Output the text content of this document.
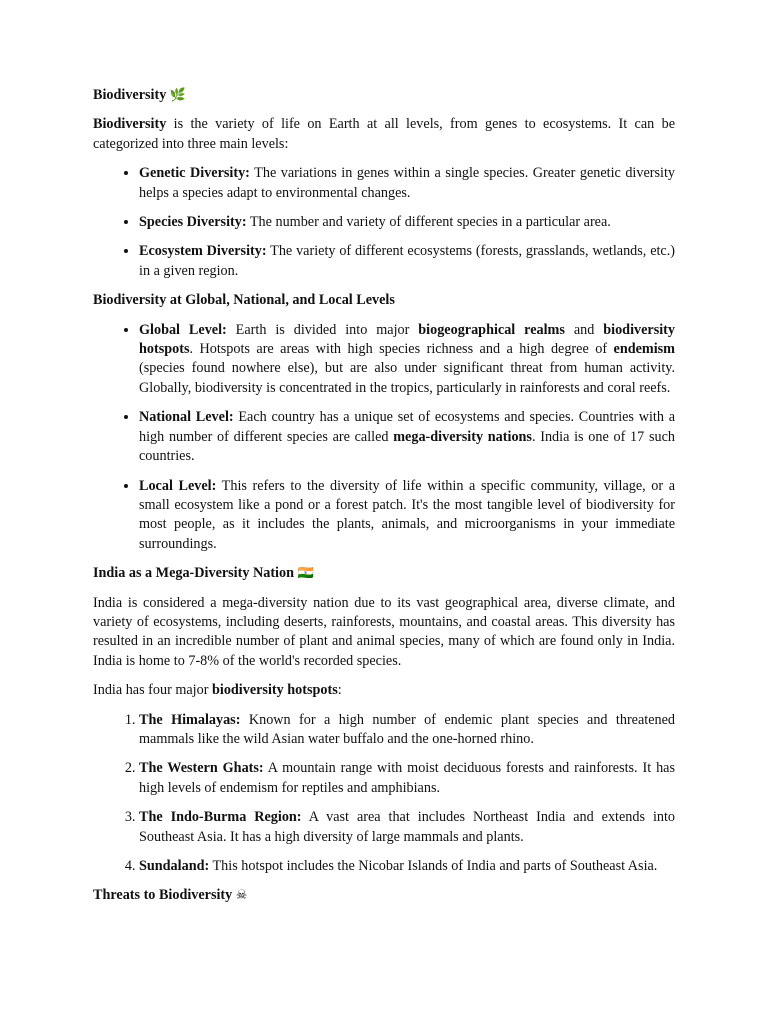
Biodiversity 🌿

Biodiversity is the variety of life on Earth at all levels, from genes to ecosystems. It can be categorized into three main levels:

• Genetic Diversity: The variations in genes within a single species. Greater genetic diversity helps a species adapt to environmental changes.
• Species Diversity: The number and variety of different species in a particular area.
• Ecosystem Diversity: The variety of different ecosystems (forests, grasslands, wetlands, etc.) in a given region.

Biodiversity at Global, National, and Local Levels

• Global Level: Earth is divided into major biogeographical realms and biodiversity hotspots. Hotspots are areas with high species richness and a high degree of endemism (species found nowhere else), but are also under significant threat from human activity. Globally, biodiversity is concentrated in the tropics, particularly in rainforests and coral reefs.
• National Level: Each country has a unique set of ecosystems and species. Countries with a high number of different species are called mega-diversity nations. India is one of 17 such countries.
• Local Level: This refers to the diversity of life within a specific community, village, or a small ecosystem like a pond or a forest patch. It's the most tangible level of biodiversity for most people, as it includes the plants, animals, and microorganisms in your immediate surroundings.

India as a Mega-Diversity Nation 🇮🇳

India is considered a mega-diversity nation due to its vast geographical area, diverse climate, and variety of ecosystems, including deserts, rainforests, mountains, and coastal areas. This diversity has resulted in an incredible number of plant and animal species, many of which are found only in India. India is home to 7-8% of the world's recorded species.

India has four major biodiversity hotspots:

1. The Himalayas: Known for a high number of endemic plant species and threatened mammals like the wild Asian water buffalo and the one-horned rhino.
2. The Western Ghats: A mountain range with moist deciduous forests and rainforests. It has high levels of endemism for reptiles and amphibians.
3. The Indo-Burma Region: A vast area that includes Northeast India and extends into Southeast Asia. It has a high diversity of large mammals and plants.
4. Sundaland: This hotspot includes the Nicobar Islands of India and parts of Southeast Asia.

Threats to Biodiversity ☠
